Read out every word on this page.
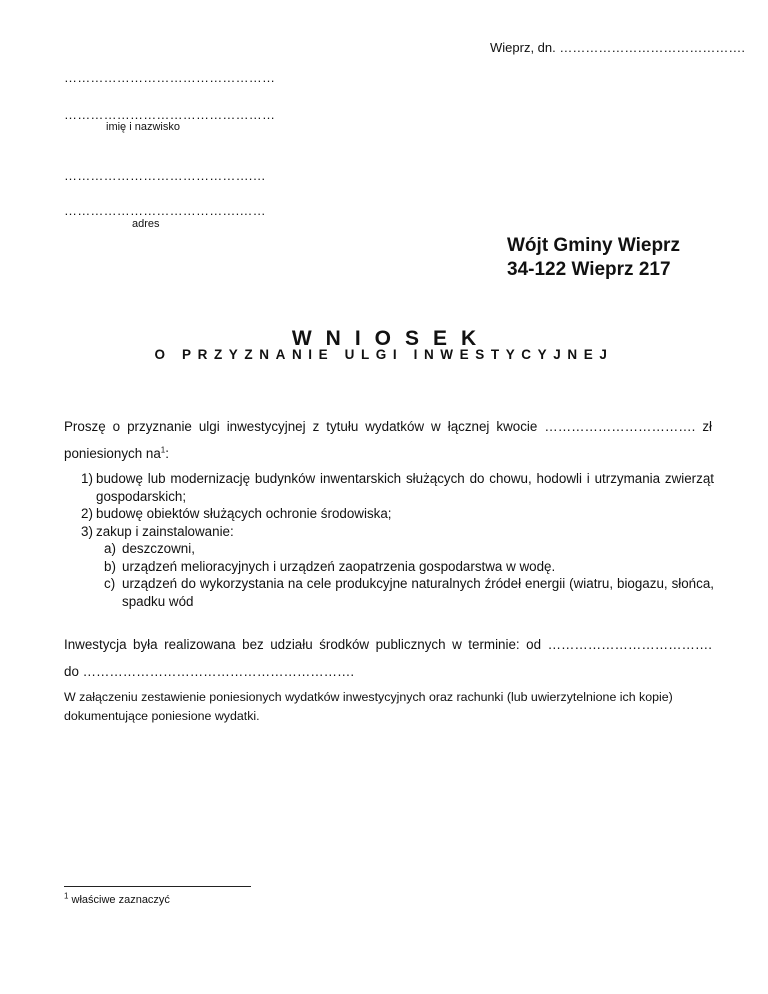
Wieprz, dn. …………………………………….
…………………………………………
…………………………………………
imię i nazwisko
…………………………………….…
………………………………….……
adres
Wójt Gminy Wieprz
34-122 Wieprz 217
WNIOSEK
O PRZYZNANIE ULGI INWESTYCYJNEJ
Proszę o przyznanie ulgi inwestycyjnej z tytułu wydatków w łącznej kwocie ……………………………. zł
poniesionych $na^1$:
1) budowę lub modernizację budynków inwentarskich służących do chowu, hodowli i utrzymania zwierząt gospodarskich;
2) budowę obiektów służących ochronie środowiska;
3) zakup i zainstalowanie:
a) deszczowni,
b) urządzeń melioracyjnych i urządzeń zaopatrzenia gospodarstwa w wodę.
c) urządzeń do wykorzystania na cele produkcyjne naturalnych źródeł energii (wiatru, biogazu, słońca, spadku wód
Inwestycja była realizowana bez udziału środków publicznych w terminie: od ……………………………….
do …………………………………………………….
W załączeniu zestawienie poniesionych wydatków inwestycyjnych oraz rachunki (lub uwierzytelnione ich kopie) dokumentujące poniesione wydatki.
$^1$ właściwe zaznaczyć
